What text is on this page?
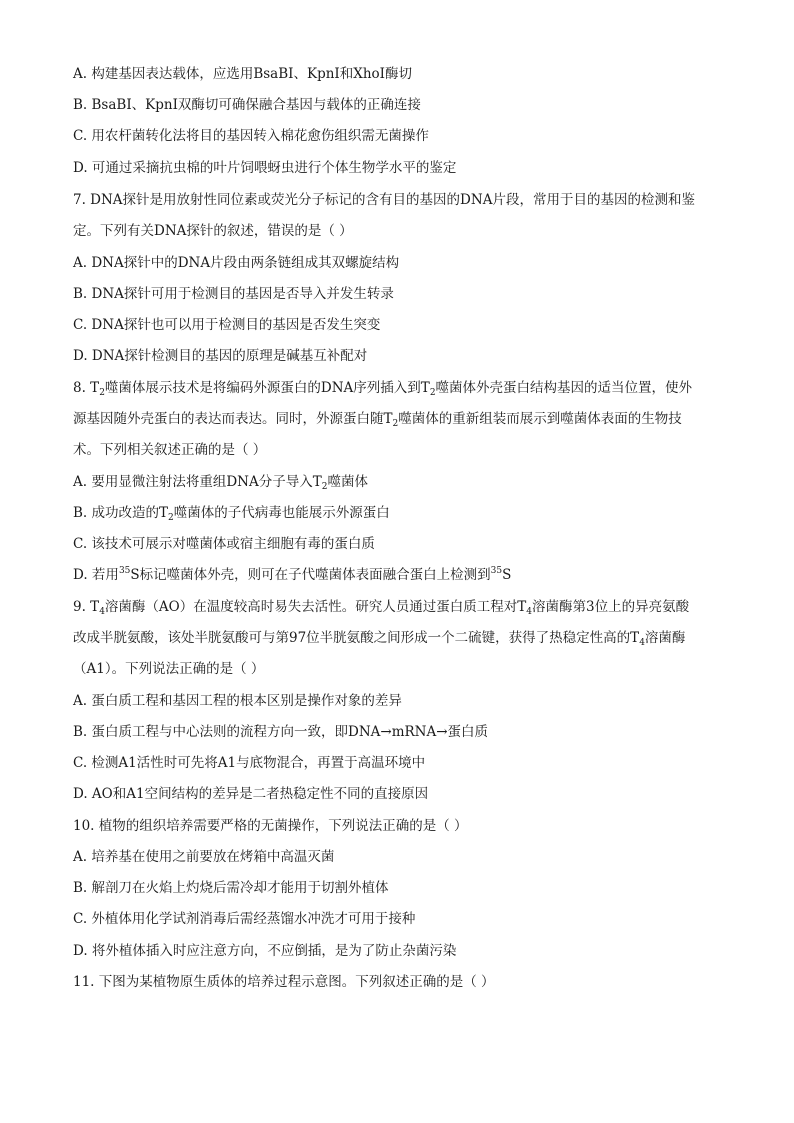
A. 构建基因表达载体，应选用BsaBI、KpnI和XhoI酶切
B. BsaBI、KpnI双酶切可确保融合基因与载体的正确连接
C. 用农杆菌转化法将目的基因转入棉花愈伤组织需无菌操作
D. 可通过采摘抗虫棉的叶片饲喂蚜虫进行个体生物学水平的鉴定
7. DNA探针是用放射性同位素或荧光分子标记的含有目的基因的DNA片段，常用于目的基因的检测和鉴
定。下列有关DNA探针的叙述，错误的是（ ）
A. DNA探针中的DNA片段由两条链组成其双螺旋结构
B. DNA探针可用于检测目的基因是否导入并发生转录
C. DNA探针也可以用于检测目的基因是否发生突变
D. DNA探针检测目的基因的原理是碱基互补配对
8. $T_2$噬菌体展示技术是将编码外源蛋白的DNA序列插入到$T_2$噬菌体外壳蛋白结构基因的适当位置，使外
源基因随外壳蛋白的表达而表达。同时，外源蛋白随$T_2$噬菌体的重新组装而展示到噬菌体表面的生物技
术。下列相关叙述正确的是（ ）
A. 要用显微注射法将重组DNA分子导入$T_2$噬菌体
B. 成功改造的$T_2$噬菌体的子代病毒也能展示外源蛋白
C. 该技术可展示对噬菌体或宿主细胞有毒的蛋白质
D. 若用$^{35}$S标记噬菌体外壳，则可在子代噬菌体表面融合蛋白上检测到$^{35}$S
9. $T_4$溶菌酶（AO）在温度较高时易失去活性。研究人员通过蛋白质工程对$T_4$溶菌酶第3位上的异亮氨酸
改成半胱氨酸，该处半胱氨酸可与第97位半胱氨酸之间形成一个二硫键，获得了热稳定性高的$T_4$溶菌酶
（A1）。下列说法正确的是（ ）
A. 蛋白质工程和基因工程的根本区别是操作对象的差异
B. 蛋白质工程与中心法则的流程方向一致，即DNA→mRNA→蛋白质
C. 检测A1活性时可先将A1与底物混合，再置于高温环境中
D. AO和A1空间结构的差异是二者热稳定性不同的直接原因
10. 植物的组织培养需要严格的无菌操作，下列说法正确的是（ ）
A. 培养基在使用之前要放在烤箱中高温灭菌
B. 解剖刀在火焰上灼烧后需冷却才能用于切割外植体
C. 外植体用化学试剂消毒后需经蒸馏水冲洗才可用于接种
D. 将外植体插入时应注意方向，不应倒插，是为了防止杂菌污染
11. 下图为某植物原生质体的培养过程示意图。下列叙述正确的是（ ）
